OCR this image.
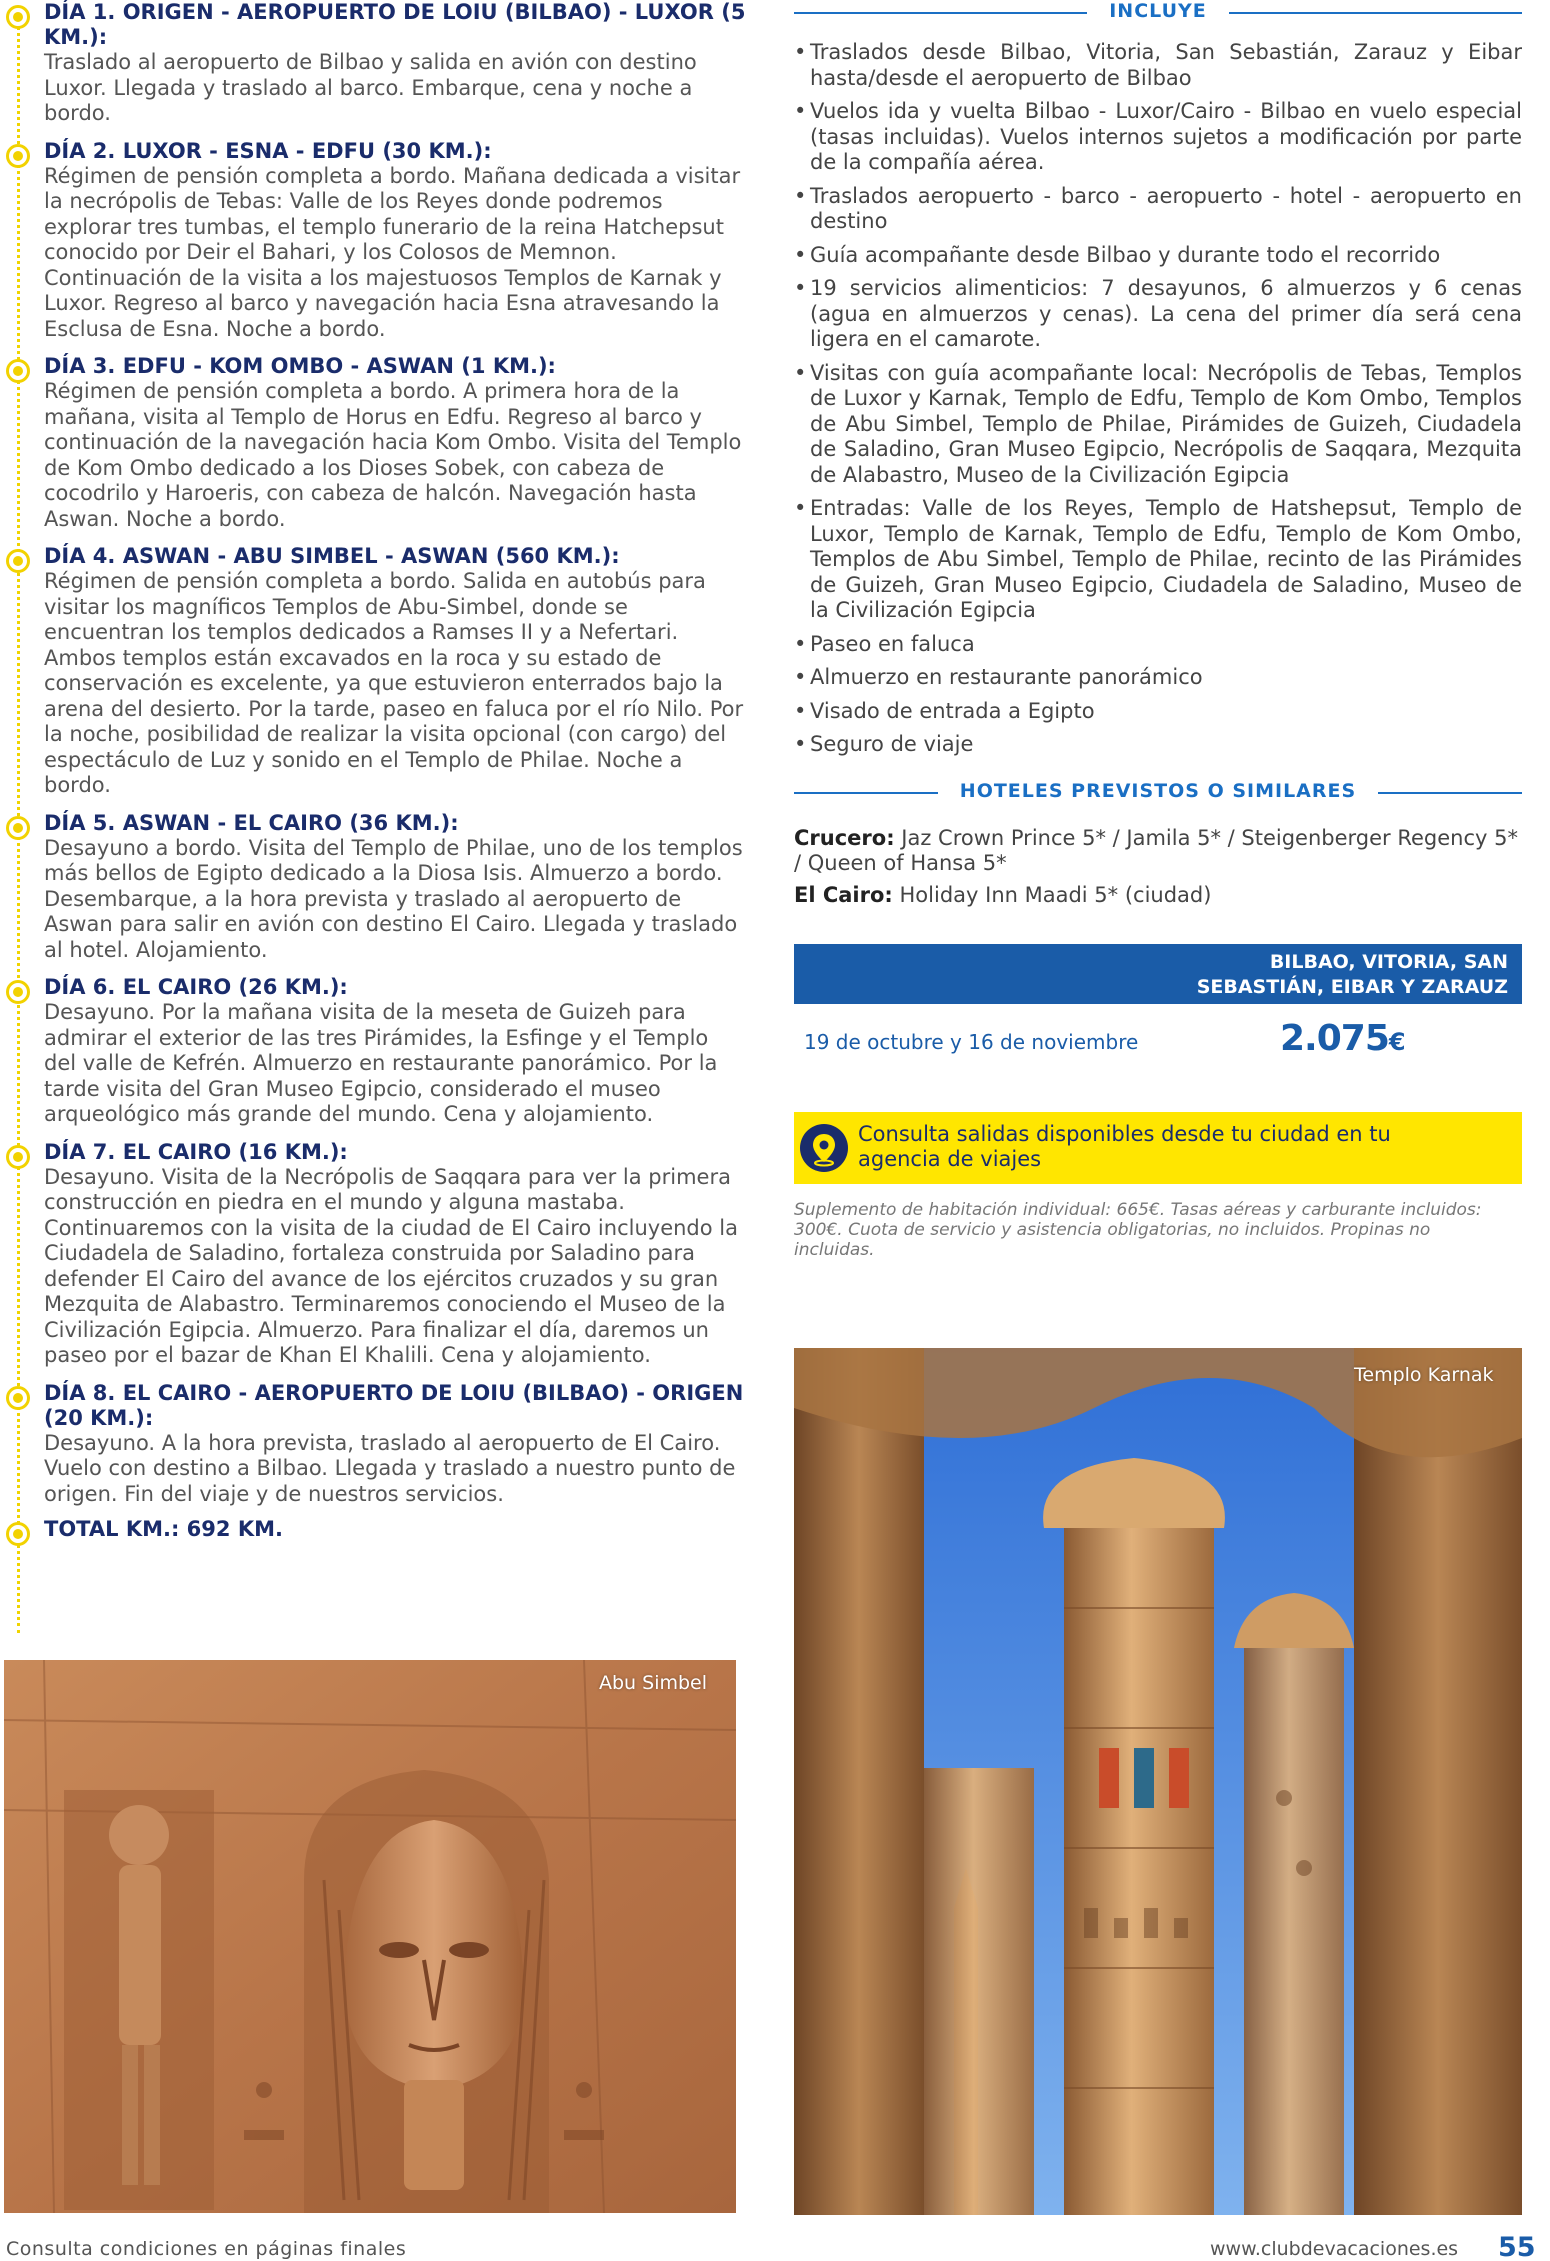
DÍA 1. ORIGEN - AEROPUERTO DE LOIU (BILBAO) - LUXOR (5 KM.):
Traslado al aeropuerto de Bilbao y salida en avión con destino Luxor. Llegada y traslado al barco. Embarque, cena y noche a bordo.
DÍA 2. LUXOR - ESNA - EDFU (30 KM.):
Régimen de pensión completa a bordo. Mañana dedicada a visitar la necrópolis de Tebas: Valle de los Reyes donde podremos explorar tres tumbas, el templo funerario de la reina Hatchepsut conocido por Deir el Bahari, y los Colosos de Memnon. Continuación de la visita a los majestuosos Templos de Karnak y Luxor. Regreso al barco y navegación hacia Esna atravesando la Esclusa de Esna. Noche a bordo.
DÍA 3. EDFU - KOM OMBO - ASWAN (1 KM.):
Régimen de pensión completa a bordo. A primera hora de la mañana, visita al Templo de Horus en Edfu. Regreso al barco y continuación de la navegación hacia Kom Ombo. Visita del Templo de Kom Ombo dedicado a los Dioses Sobek, con cabeza de cocodrilo y Haroeris, con cabeza de halcón. Navegación hasta Aswan. Noche a bordo.
DÍA 4. ASWAN - ABU SIMBEL - ASWAN (560 KM.):
Régimen de pensión completa a bordo. Salida en autobús para visitar los magníficos Templos de Abu-Simbel, donde se encuentran los templos dedicados a Ramses II y a Nefertari. Ambos templos están excavados en la roca y su estado de conservación es excelente, ya que estuvieron enterrados bajo la arena del desierto. Por la tarde, paseo en faluca por el río Nilo. Por la noche, posibilidad de realizar la visita opcional (con cargo) del espectáculo de Luz y sonido en el Templo de Philae. Noche a bordo.
DÍA 5. ASWAN - EL CAIRO (36 KM.):
Desayuno a bordo. Visita del Templo de Philae, uno de los templos más bellos de Egipto dedicado a la Diosa Isis. Almuerzo a bordo. Desembarque, a la hora prevista y traslado al aeropuerto de Aswan para salir en avión con destino El Cairo. Llegada y traslado al hotel. Alojamiento.
DÍA 6. EL CAIRO (26 KM.):
Desayuno. Por la mañana visita de la meseta de Guizeh para admirar el exterior de las tres Pirámides, la Esfinge y el Templo del valle de Kefrén. Almuerzo en restaurante panorámico. Por la tarde visita del Gran Museo Egipcio, considerado el museo arqueológico más grande del mundo. Cena y alojamiento.
DÍA 7. EL CAIRO (16 KM.):
Desayuno. Visita de la Necrópolis de Saqqara para ver la primera construcción en piedra en el mundo y alguna mastaba. Continuaremos con la visita de la ciudad de El Cairo incluyendo la Ciudadela de Saladino, fortaleza construida por Saladino para defender El Cairo del avance de los ejércitos cruzados y su gran Mezquita de Alabastro. Terminaremos conociendo el Museo de la Civilización Egipcia. Almuerzo. Para finalizar el día, daremos un paseo por el bazar de Khan El Khalili. Cena y alojamiento.
DÍA 8. EL CAIRO - AEROPUERTO DE LOIU (BILBAO) - ORIGEN (20 KM.):
Desayuno. A la hora prevista, traslado al aeropuerto de El Cairo. Vuelo con destino a Bilbao. Llegada y traslado a nuestro punto de origen. Fin del viaje y de nuestros servicios.
TOTAL KM.: 692 KM.
Abu Simbel
INCLUYE
• Traslados desde Bilbao, Vitoria, San Sebastián, Zarauz y Eibar hasta/desde el aeropuerto de Bilbao
• Vuelos ida y vuelta Bilbao - Luxor/Cairo - Bilbao en vuelo especial (tasas incluidas). Vuelos internos sujetos a modificación por parte de la compañía aérea.
• Traslados aeropuerto - barco - aeropuerto - hotel - aeropuerto en destino
• Guía acompañante desde Bilbao y durante todo el recorrido
• 19 servicios alimenticios: 7 desayunos, 6 almuerzos y 6 cenas (agua en almuerzos y cenas). La cena del primer día será cena ligera en el camarote.
• Visitas con guía acompañante local: Necrópolis de Tebas, Templos de Luxor y Karnak, Templo de Edfu, Templo de Kom Ombo, Templos de Abu Simbel, Templo de Philae, Pirámides de Guizeh, Ciudadela de Saladino, Gran Museo Egipcio, Necrópolis de Saqqara, Mezquita de Alabastro, Museo de la Civilización Egipcia
• Entradas: Valle de los Reyes, Templo de Hatshepsut, Templo de Luxor, Templo de Karnak, Templo de Edfu, Templo de Kom Ombo, Templos de Abu Simbel, Templo de Philae, recinto de las Pirámides de Guizeh, Gran Museo Egipcio, Ciudadela de Saladino, Museo de la Civilización Egipcia
• Paseo en faluca
• Almuerzo en restaurante panorámico
• Visado de entrada a Egipto
• Seguro de viaje
HOTELES PREVISTOS O SIMILARES

Crucero: Jaz Crown Prince 5* / Jamila 5* / Steigenberger Regency 5* / Queen of Hansa 5*

El Cairo: Holiday Inn Maadi 5* (ciudad)

BILBAO, VITORIA, SAN
SEBASTIÁN, EIBAR Y ZARAUZ
19 de octubre y 16 de noviembre	2.075€
Consulta salidas disponibles desde tu ciudad en tu agencia de viajes
Suplemento de habitación individual: 665€. Tasas aéreas y carburante incluidos: 300€. Cuota de servicio y asistencia obligatorias, no incluidos. Propinas no incluidas.
Templo Karnak
Consulta condiciones en páginas finales	www.clubdevacaciones.es 55
